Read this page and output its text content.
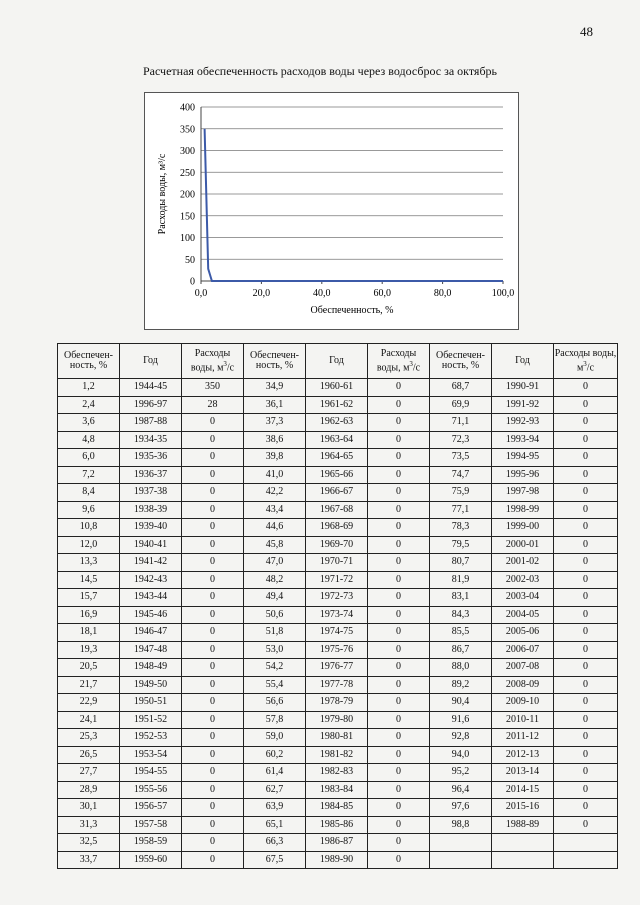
48
Расчетная обеспеченность расходов воды через водосброс за октябрь
0
50
100
150
200
250
300
350
400
0,0	20,0	40,0	60,0	80,0	100,0
Обеспеченность, %
Расходы воды, м³/с
Обеспечен-ность, %	Год	Расходы воды, $м^3/с$	Обеспечен-ность, %	Год	Расходы воды, $м^3/с$	Обеспечен-ность, %	Год	Расходы воды, $м^3/с$
1,2	1944-45	350	34,9	1960-61	0	68,7	1990-91	0
2,4	1996-97	28	36,1	1961-62	0	69,9	1991-92	0
3,6	1987-88	0	37,3	1962-63	0	71,1	1992-93	0
4,8	1934-35	0	38,6	1963-64	0	72,3	1993-94	0
6,0	1935-36	0	39,8	1964-65	0	73,5	1994-95	0
7,2	1936-37	0	41,0	1965-66	0	74,7	1995-96	0
8,4	1937-38	0	42,2	1966-67	0	75,9	1997-98	0
9,6	1938-39	0	43,4	1967-68	0	77,1	1998-99	0
10,8	1939-40	0	44,6	1968-69	0	78,3	1999-00	0
12,0	1940-41	0	45,8	1969-70	0	79,5	2000-01	0
13,3	1941-42	0	47,0	1970-71	0	80,7	2001-02	0
14,5	1942-43	0	48,2	1971-72	0	81,9	2002-03	0
15,7	1943-44	0	49,4	1972-73	0	83,1	2003-04	0
16,9	1945-46	0	50,6	1973-74	0	84,3	2004-05	0
18,1	1946-47	0	51,8	1974-75	0	85,5	2005-06	0
19,3	1947-48	0	53,0	1975-76	0	86,7	2006-07	0
20,5	1948-49	0	54,2	1976-77	0	88,0	2007-08	0
21,7	1949-50	0	55,4	1977-78	0	89,2	2008-09	0
22,9	1950-51	0	56,6	1978-79	0	90,4	2009-10	0
24,1	1951-52	0	57,8	1979-80	0	91,6	2010-11	0
25,3	1952-53	0	59,0	1980-81	0	92,8	2011-12	0
26,5	1953-54	0	60,2	1981-82	0	94,0	2012-13	0
27,7	1954-55	0	61,4	1982-83	0	95,2	2013-14	0
28,9	1955-56	0	62,7	1983-84	0	96,4	2014-15	0
30,1	1956-57	0	63,9	1984-85	0	97,6	2015-16	0
31,3	1957-58	0	65,1	1985-86	0	98,8	1988-89	0
32,5	1958-59	0	66,3	1986-87	0			
33,7	1959-60	0	67,5	1989-90	0			
